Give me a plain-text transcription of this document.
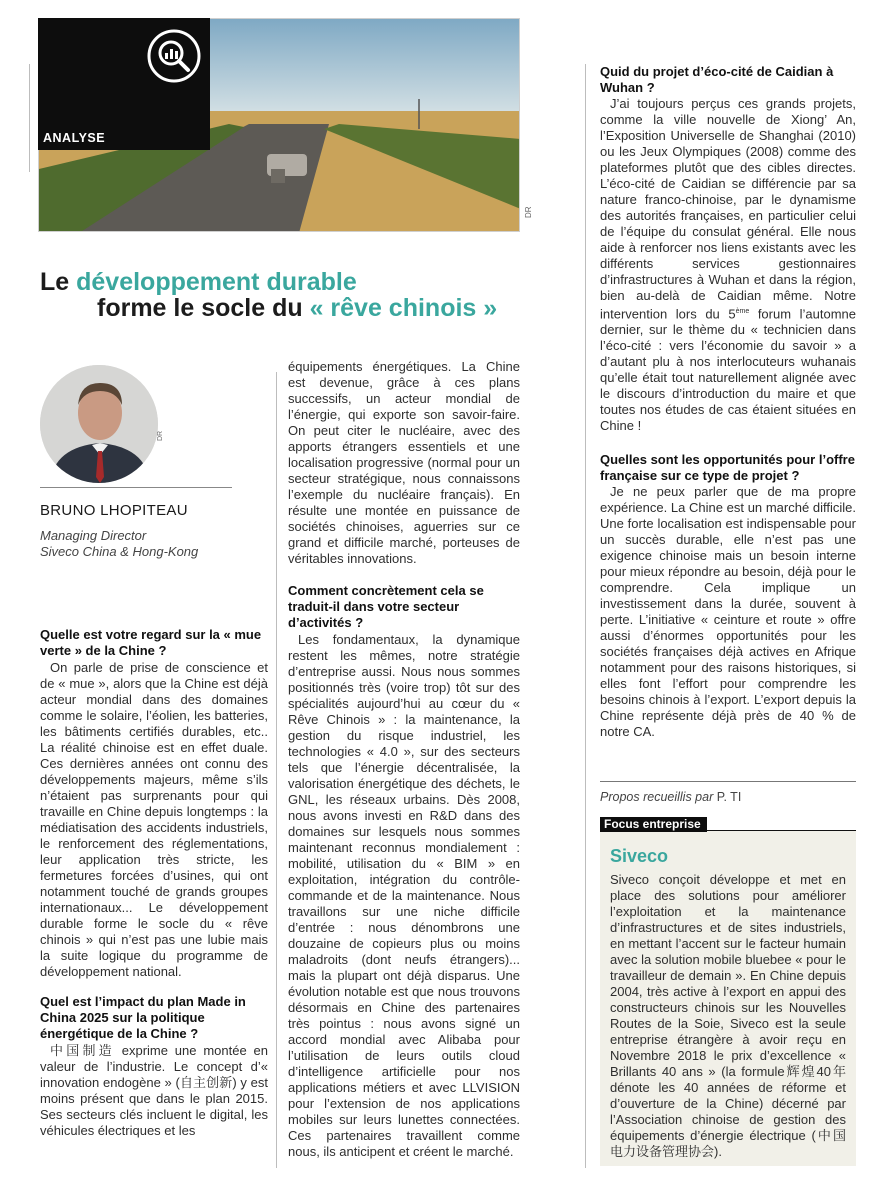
ANALYSE
DR
Le développement durable
forme le socle du « rêve chinois »
DR
BRUNO LHOPITEAU
Managing Director
Siveco China & Hong-Kong
Quelle est votre regard sur la « mue verte » de la Chine ?
On parle de prise de conscience et de « mue », alors que la Chine est déjà acteur mondial dans des domaines comme le solaire, l’éolien, les batteries, les bâtiments certifiés durables, etc.. La réalité chinoise est en effet duale. Ces dernières années ont connu des développements majeurs, même s’ils n’étaient pas surprenants pour qui travaille en Chine depuis longtemps : la médiatisation des accidents industriels, le renforcement des réglementations, leur application très stricte, les fermetures forcées d’usines, qui ont notamment touché de grands groupes internationaux... Le développement durable forme le socle du « rêve chinois » qui n’est pas une lubie mais la suite logique du programme de développement national.
Quel est l’impact du plan Made in China 2025 sur la politique énergétique de la Chine ?
中国制造 exprime une montée en valeur de l’industrie. Le concept d’« innovation endogène » (自主创新) y est moins présent que dans le plan 2015. Ses secteurs clés incluent le digital, les véhicules électriques et les
équipements énergétiques. La Chine est devenue, grâce à ces plans successifs, un acteur mondial de l’énergie, qui exporte son savoir-faire. On peut citer le nucléaire, avec des apports étrangers essentiels et une localisation progressive (normal pour un secteur stratégique, nous connaissons l’exemple du nucléaire français). En résulte une montée en puissance de sociétés chinoises, aguerries sur ce grand et difficile marché, porteuses de véritables innovations.
Comment concrètement cela se traduit-il dans votre secteur d’activités ?
Les fondamentaux, la dynamique restent les mêmes, notre stratégie d’entreprise aussi. Nous nous sommes positionnés très (voire trop) tôt sur des spécialités aujourd’hui au cœur du « Rêve Chinois » : la maintenance, la gestion du risque industriel, les technologies « 4.0 », sur des secteurs tels que l’énergie décentralisée, la valorisation énergétique des déchets, le GNL, les réseaux urbains. Dès 2008, nous avons investi en R&D dans des domaines sur lesquels nous sommes maintenant reconnus mondialement : mobilité, utilisation du « BIM » en exploitation, intégration du contrôle-commande et de la maintenance. Nous travaillons sur une niche difficile d’entrée : nous dénombrons une douzaine de copieurs plus ou moins maladroits (dont neufs étrangers)... mais la plupart ont déjà disparus. Une évolution notable est que nous trouvons désormais en Chine des partenaires très pointus : nous avons signé un accord mondial avec Alibaba pour l’utilisation de leurs outils cloud d’intelligence artificielle pour nos applications métiers et avec LLVISION pour l’extension de nos applications mobiles sur leurs lunettes connectées. Ces partenaires travaillent comme nous, ils anticipent et créent le marché.
Quid du projet d’éco-cité de Caidian à Wuhan ?
J’ai toujours perçus ces grands projets, comme la ville nouvelle de Xiong’ An, l’Exposition Universelle de Shanghai (2010) ou les Jeux Olympiques (2008) comme des plateformes plutôt que des cibles directes. L’éco-cité de Caidian se différencie par sa nature franco-chinoise, par le dynamisme des autorités françaises, en particulier celui de l’équipe du consulat général. Elle nous aide à renforcer nos liens existants avec les différents services gestionnaires d’infrastructures à Wuhan et dans la région, bien au-delà de Caidian même. Notre intervention lors du 5ème forum l’automne dernier, sur le thème du « technicien dans l’éco-cité : vers l’économie du savoir » a d’autant plu à nos interlocuteurs wuhanais qu’elle était tout naturellement alignée avec le discours d’introduction du maire et que toutes nos études de cas étaient situées en Chine !
Quelles sont les opportunités pour l’offre française sur ce type de projet ?
Je ne peux parler que de ma propre expérience. La Chine est un marché difficile. Une forte localisation est indispensable pour un succès durable, elle n’est pas une exigence chinoise mais un besoin interne pour mieux répondre au besoin, déjà pour le comprendre. Cela implique un investissement dans la durée, souvent à perte. L’initiative « ceinture et route » offre aussi d’énormes opportunités pour les sociétés françaises déjà actives en Afrique notamment pour des raisons historiques, si elles font l’effort pour comprendre les besoins chinois à l’export. L’export depuis la Chine représente déjà près de 40 % de notre CA.
Propos recueillis par P. TI
Focus entreprise
Siveco
Siveco conçoit développe et met en place des solutions pour améliorer l’exploitation et la maintenance d’infrastructures et de sites industriels, en mettant l’accent sur le facteur humain avec la solution mobile bluebee « pour le travailleur de demain ». En Chine depuis 2004, très active à l’export en appui des constructeurs chinois sur les Nouvelles Routes de la Soie, Siveco est la seule entreprise étrangère à avoir reçu en Novembre 2018 le prix d’excellence « Brillants 40 ans » (la formule辉煌40年dénote les 40 années de réforme et d’ouverture de la Chine) décerné par l’Association chinoise de gestion des équipements d’énergie électrique (中国电力设备管理协会).
